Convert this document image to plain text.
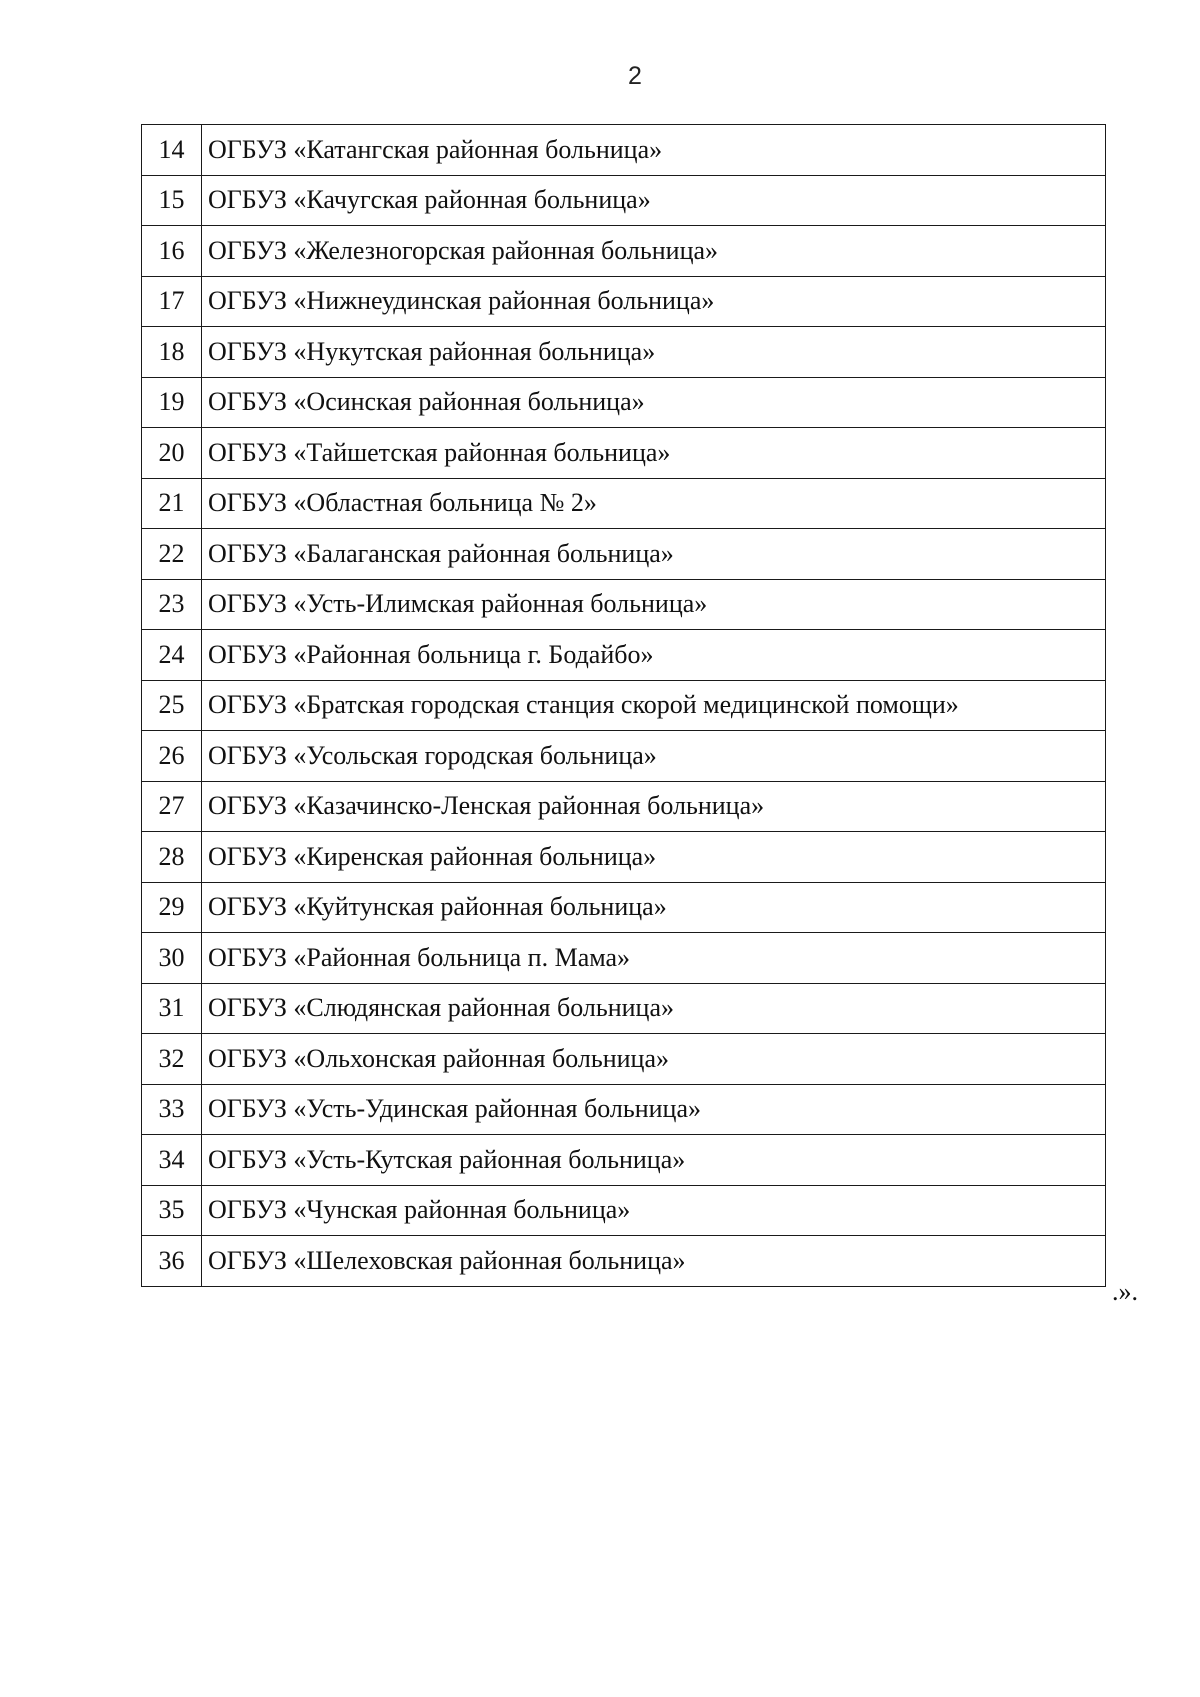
2
14	ОГБУЗ «Катангская районная больница»
15	ОГБУЗ «Качугская районная больница»
16	ОГБУЗ «Железногорская районная больница»
17	ОГБУЗ «Нижнеудинская районная больница»
18	ОГБУЗ «Нукутская районная больница»
19	ОГБУЗ «Осинская районная больница»
20	ОГБУЗ «Тайшетская районная больница»
21	ОГБУЗ «Областная больница № 2»
22	ОГБУЗ «Балаганская районная больница»
23	ОГБУЗ «Усть-Илимская районная больница»
24	ОГБУЗ «Районная больница г. Бодайбо»
25	ОГБУЗ «Братская городская станция скорой медицинской помощи»
26	ОГБУЗ «Усольская городская больница»
27	ОГБУЗ «Казачинско-Ленская районная больница»
28	ОГБУЗ «Киренская районная больница»
29	ОГБУЗ «Куйтунская районная больница»
30	ОГБУЗ «Районная больница п. Мама»
31	ОГБУЗ «Слюдянская районная больница»
32	ОГБУЗ «Ольхонская районная больница»
33	ОГБУЗ «Усть-Удинская районная больница»
34	ОГБУЗ «Усть-Кутская районная больница»
35	ОГБУЗ «Чунская районная больница»
36	ОГБУЗ «Шелеховская районная больница»
.».
